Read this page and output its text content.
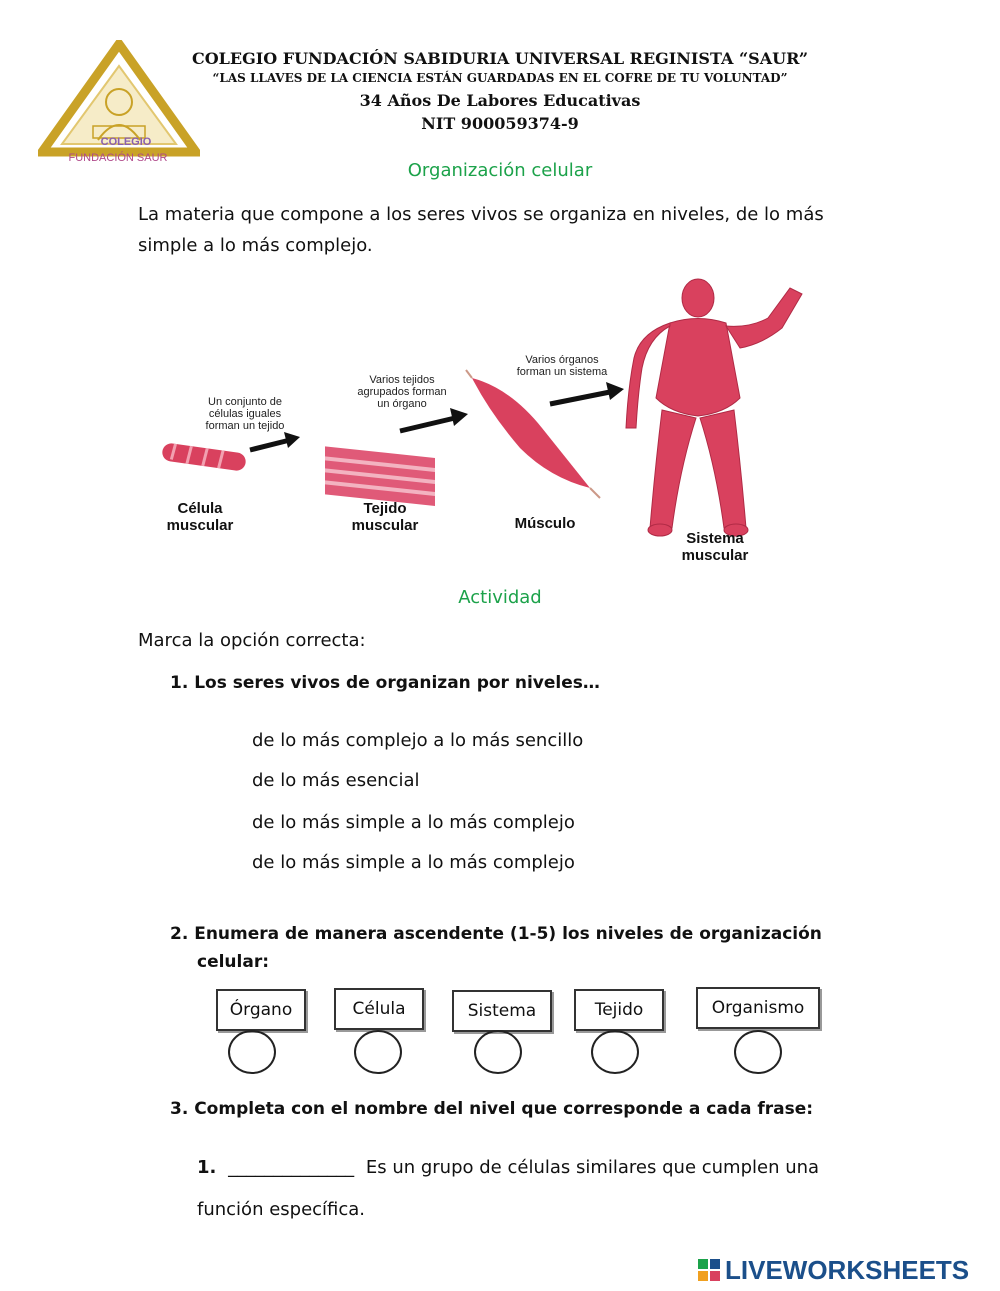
COLEGIO
FUNDACIÓN SAUR
COLEGIO FUNDACIÓN SABIDURIA UNIVERSAL REGINISTA “SAUR”
“LAS LLAVES DE LA CIENCIA ESTÁN GUARDADAS EN EL COFRE DE TU VOLUNTAD”
34 Años De Labores Educativas
NIT 900059374-9
Organización celular
La materia que compone a los seres vivos se organiza en niveles, de lo más
simple a lo más complejo.
Un conjunto de
células iguales
forman un tejido
Varios tejidos
agrupados forman
un órgano
Varios órganos
forman un sistema
Célula
muscular
Tejido
muscular	Músculo
Sistema
muscular
Actividad
Marca la opción correcta:
1. Los seres vivos de organizan por niveles…
de lo más complejo a lo más sencillo
de lo más esencial
de lo más simple a lo más complejo
de lo más simple a lo más complejo
2. Enumera de manera ascendente (1-5) los niveles de organización
celular:
Órgano	Célula	Sistema	Tejido	Organismo
3. Completa con el nombre del nivel que corresponde a cada frase:
1. ______________ Es un grupo de células similares que cumplen una
función específica.
LIVEWORKSHEETS
